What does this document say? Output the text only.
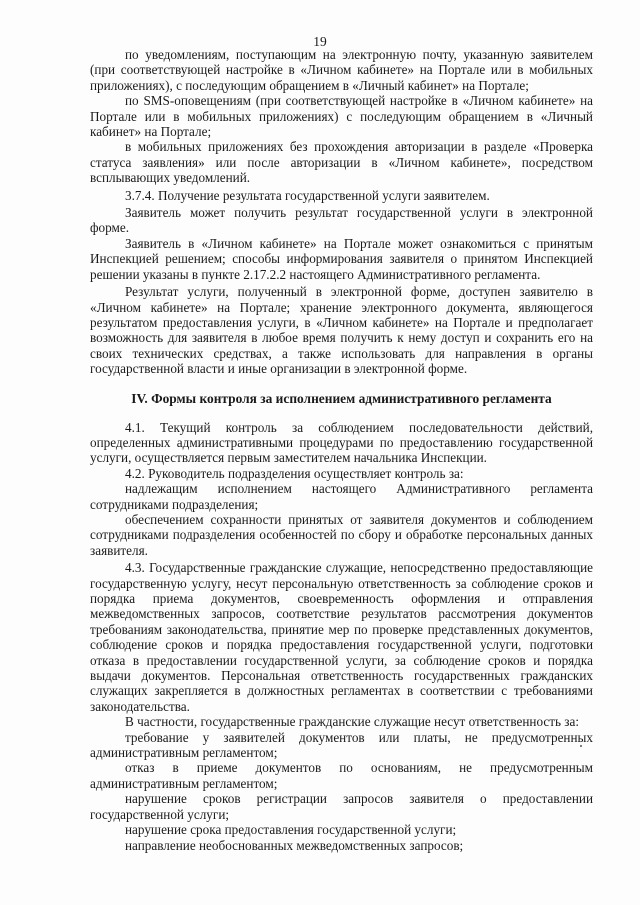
19

по уведомлениям, поступающим на электронную почту, указанную заявителем (при соответствующей настройке в «Личном кабинете» на Портале или в мобильных приложениях), с последующим обращением в «Личный кабинет» на Портале;

по SMS-оповещениям (при соответствующей настройке в «Личном кабинете» на Портале или в мобильных приложениях) с последующим обращением в «Личный кабинет» на Портале;

в мобильных приложениях без прохождения авторизации в разделе «Проверка статуса заявления» или после авторизации в «Личном кабинете», посредством всплывающих уведомлений.

3.7.4. Получение результата государственной услуги заявителем.

Заявитель может получить результат государственной услуги в электронной форме.

Заявитель в «Личном кабинете» на Портале может ознакомиться с принятым Инспекцией решением; способы информирования заявителя о принятом Инспекцией решении указаны в пункте 2.17.2.2 настоящего Административного регламента.

Результат услуги, полученный в электронной форме, доступен заявителю в «Личном кабинете» на Портале; хранение электронного документа, являющегося результатом предоставления услуги, в «Личном кабинете» на Портале и предполагает возможность для заявителя в любое время получить к нему доступ и сохранить его на своих технических средствах, а также использовать для направления в органы государственной власти и иные организации в электронной форме.

IV. Формы контроля за исполнением административного регламента

4.1. Текущий контроль за соблюдением последовательности действий, определенных административными процедурами по предоставлению государственной услуги, осуществляется первым заместителем начальника Инспекции.

4.2. Руководитель подразделения осуществляет контроль за:

надлежащим исполнением настоящего Административного регламента сотрудниками подразделения;

обеспечением сохранности принятых от заявителя документов и соблюдением сотрудниками подразделения особенностей по сбору и обработке персональных данных заявителя.

4.3. Государственные гражданские служащие, непосредственно предоставляющие государственную услугу, несут персональную ответственность за соблюдение сроков и порядка приема документов, своевременность оформления и отправления межведомственных запросов, соответствие результатов рассмотрения документов требованиям законодательства, принятие мер по проверке представленных документов, соблюдение сроков и порядка предоставления государственной услуги, подготовки отказа в предоставлении государственной услуги, за соблюдение сроков и порядка выдачи документов. Персональная ответственность государственных гражданских служащих закрепляется в должностных регламентах в соответствии с требованиями законодательства.

В частности, государственные гражданские служащие несут ответственность за:

требование у заявителей документов или платы, не предусмотренных административным регламентом;

отказ в приеме документов по основаниям, не предусмотренным административным регламентом;

нарушение сроков регистрации запросов заявителя о предоставлении государственной услуги;

нарушение срока предоставления государственной услуги;

направление необоснованных межведомственных запросов;
